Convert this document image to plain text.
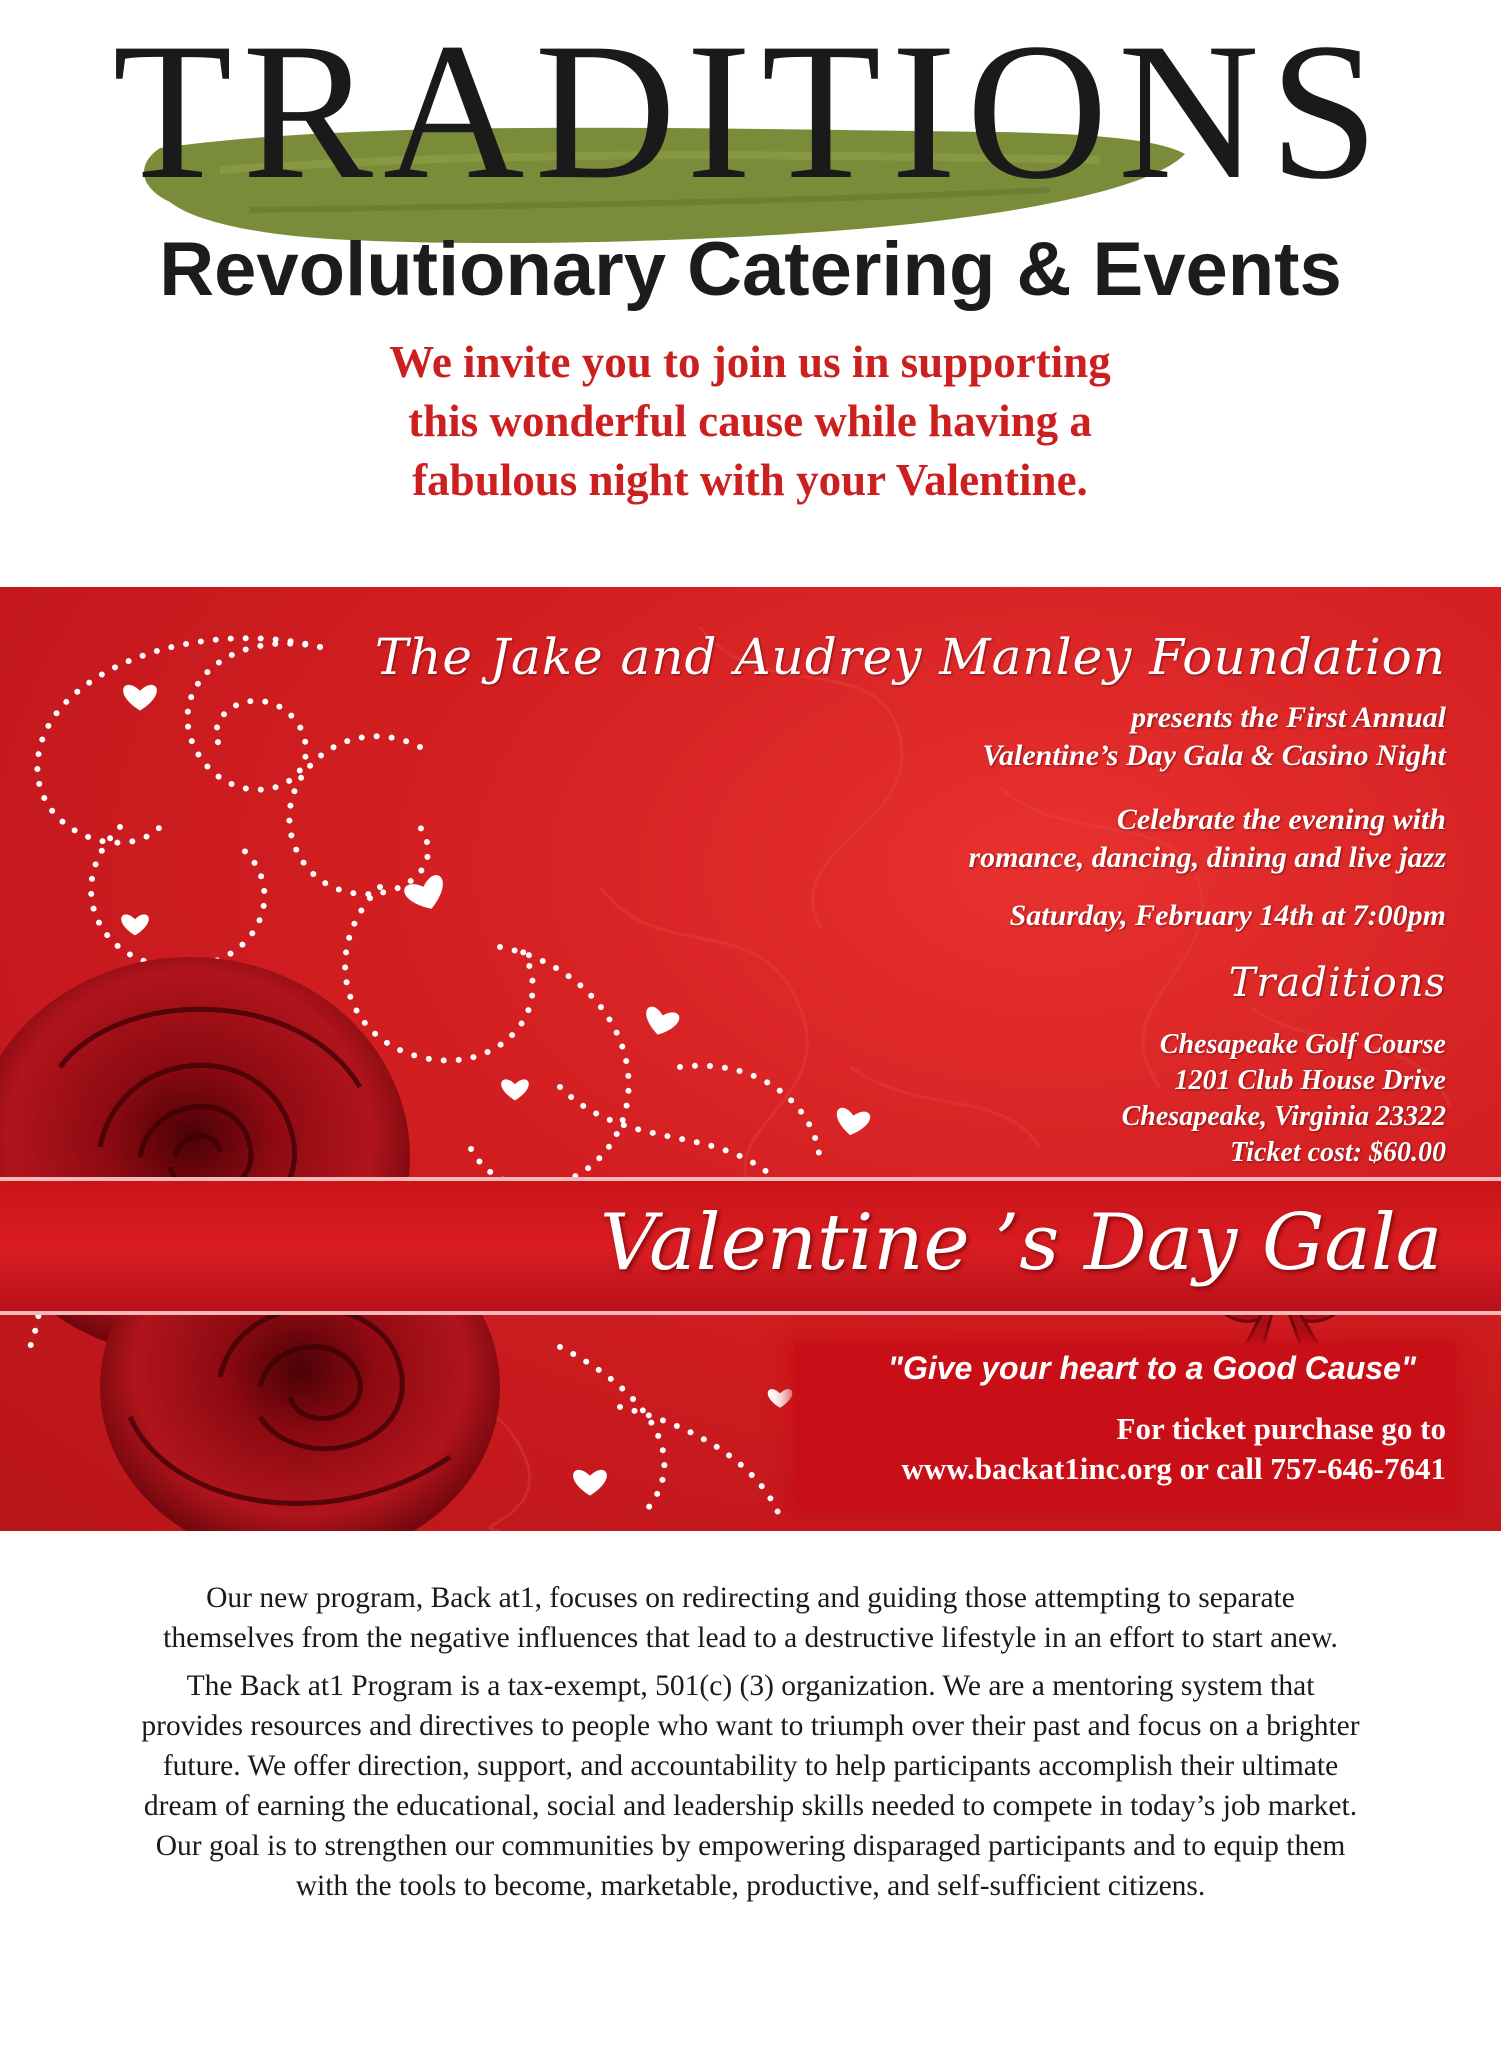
TRADITIONS
Revolutionary Catering & Events
We invite you to join us in supporting
this wonderful cause while having a
fabulous night with your Valentine.
The Jake and Audrey Manley Foundation
presents the First Annual
Valentine’s Day Gala & Casino Night
Celebrate the evening with
romance, dancing, dining and live jazz
Saturday, February 14th at 7:00pm
Traditions
Chesapeake Golf Course
1201 Club House Drive
Chesapeake, Virginia 23322
Ticket cost: $60.00
Valentine ’s Day Gala
"Give your heart to a Good Cause"
For ticket purchase go to
www.backat1inc.org or call 757-646-7641
Our new program, Back at1, focuses on redirecting and guiding those attempting to separate
themselves from the negative influences that lead to a destructive lifestyle in an effort to start anew.
The Back at1 Program is a tax-exempt, 501(c) (3) organization. We are a mentoring system that
provides resources and directives to people who want to triumph over their past and focus on a brighter
future. We offer direction, support, and accountability to help participants accomplish their ultimate
dream of earning the educational, social and leadership skills needed to compete in today’s job market.
Our goal is to strengthen our communities by empowering disparaged participants and to equip them
with the tools to become, marketable, productive, and self-sufficient citizens.
